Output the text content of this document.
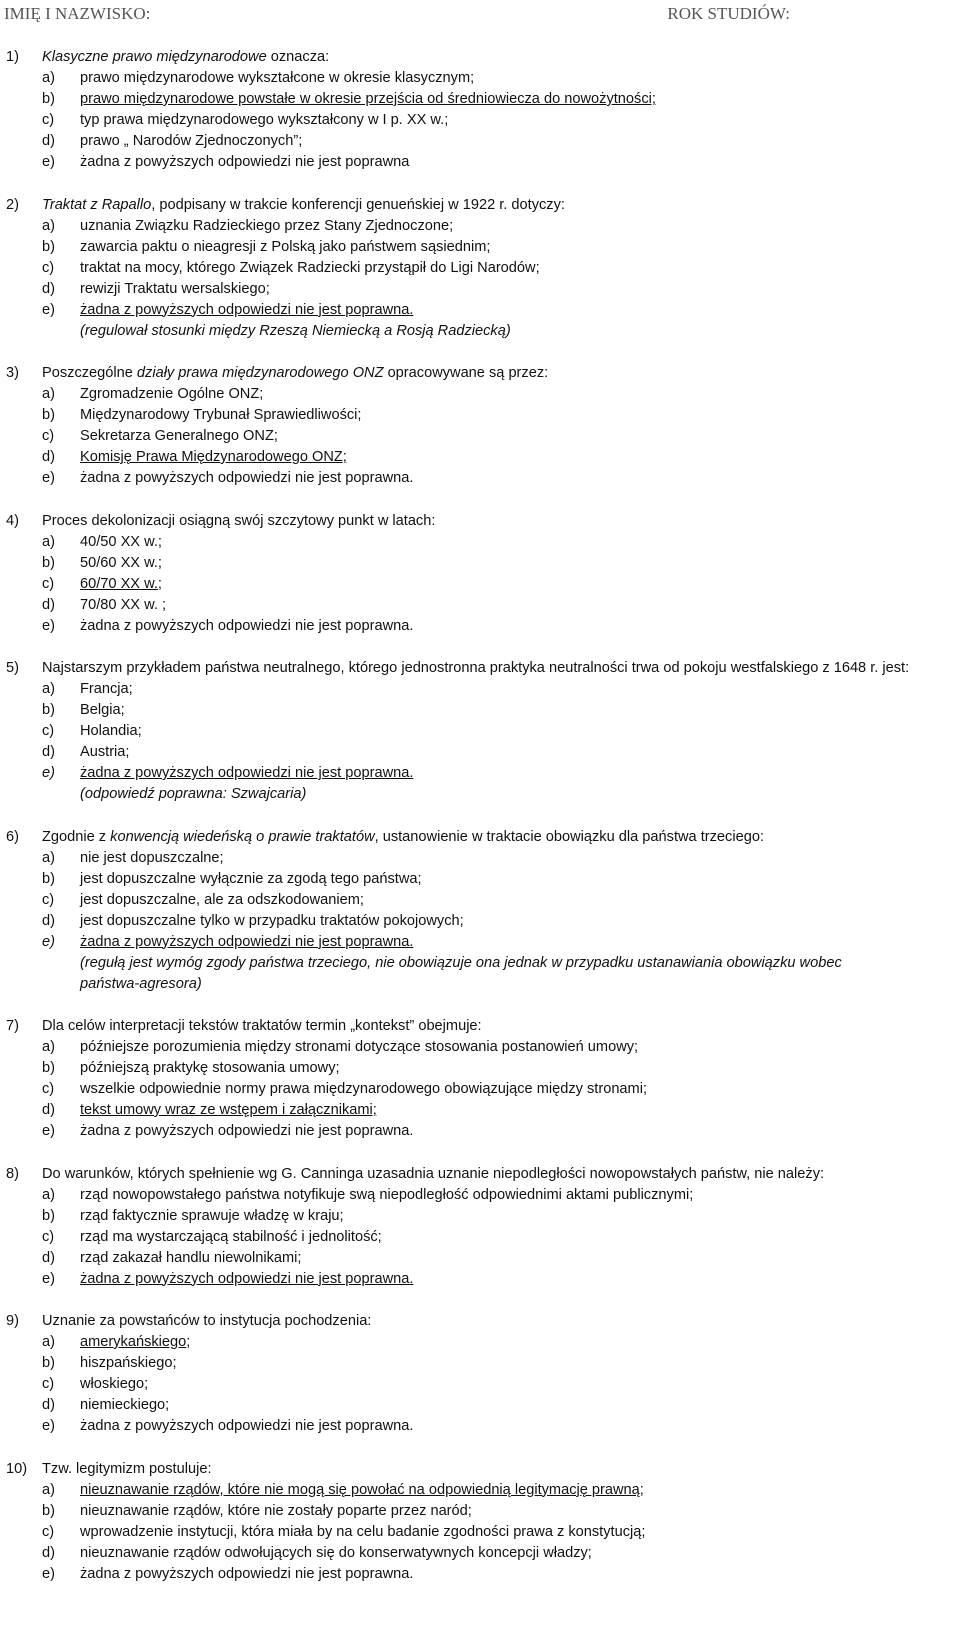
IMIĘ I NAZWISKO:	ROK STUDIÓW:
1) Klasyczne prawo międzynarodowe oznacza:
a) prawo międzynarodowe wykształcone w okresie klasycznym;
b) prawo międzynarodowe powstałe w okresie przejścia od średniowiecza do nowożytności;
c) typ prawa międzynarodowego wykształcony w I p. XX w.;
d) prawo „ Narodów Zjednoczonych”;
e) żadna z powyższych odpowiedzi nie jest poprawna
2) Traktat z Rapallo, podpisany w trakcie konferencji genueńskiej w 1922 r. dotyczy:
a) uznania Związku Radzieckiego przez Stany Zjednoczone;
b) zawarcia paktu o nieagresji z Polską jako państwem sąsiednim;
c) traktat na mocy, którego Związek Radziecki przystąpił do Ligi Narodów;
d) rewizji Traktatu wersalskiego;
e) żadna z powyższych odpowiedzi nie jest poprawna.
(regulował stosunki między Rzeszą Niemiecką a Rosją Radziecką)
3) Poszczególne działy prawa międzynarodowego ONZ opracowywane są przez:
a) Zgromadzenie Ogólne ONZ;
b) Międzynarodowy Trybunał Sprawiedliwości;
c) Sekretarza Generalnego ONZ;
d) Komisję Prawa Międzynarodowego ONZ;
e) żadna z powyższych odpowiedzi nie jest poprawna.
4) Proces dekolonizacji osiągną swój szczytowy punkt w latach:
a) 40/50 XX w.;
b) 50/60 XX w.;
c) 60/70 XX w.;
d) 70/80 XX w. ;
e) żadna z powyższych odpowiedzi nie jest poprawna.
5) Najstarszym przykładem państwa neutralnego, którego jednostronna praktyka neutralności trwa od pokoju westfalskiego z 1648 r. jest:
a) Francja;
b) Belgia;
c) Holandia;
d) Austria;
e) żadna z powyższych odpowiedzi nie jest poprawna.
(odpowiedź poprawna: Szwajcaria)
6) Zgodnie z konwencją wiedeńską o prawie traktatów, ustanowienie w traktacie obowiązku dla państwa trzeciego:
a) nie jest dopuszczalne;
b) jest dopuszczalne wyłącznie za zgodą tego państwa;
c) jest dopuszczalne, ale za odszkodowaniem;
d) jest dopuszczalne tylko w przypadku traktatów pokojowych;
e) żadna z powyższych odpowiedzi nie jest poprawna.
(regułą jest wymóg zgody państwa trzeciego, nie obowiązuje ona jednak w przypadku ustanawiania obowiązku wobec
państwa-agresora)
7) Dla celów interpretacji tekstów traktatów termin „kontekst” obejmuje:
a) późniejsze porozumienia między stronami dotyczące stosowania postanowień umowy;
b) późniejszą praktykę stosowania umowy;
c) wszelkie odpowiednie normy prawa międzynarodowego obowiązujące między stronami;
d) tekst umowy wraz ze wstępem i załącznikami;
e) żadna z powyższych odpowiedzi nie jest poprawna.
8) Do warunków, których spełnienie wg G. Canninga uzasadnia uznanie niepodległości nowopowstałych państw, nie należy:
a) rząd nowopowstałego państwa notyfikuje swą niepodległość odpowiednimi aktami publicznymi;
b) rząd faktycznie sprawuje władzę w kraju;
c) rząd ma wystarczającą stabilność i jednolitość;
d) rząd zakazał handlu niewolnikami;
e) żadna z powyższych odpowiedzi nie jest poprawna.
9) Uznanie za powstańców to instytucja pochodzenia:
a) amerykańskiego;
b) hiszpańskiego;
c) włoskiego;
d) niemieckiego;
e) żadna z powyższych odpowiedzi nie jest poprawna.
10) Tzw. legitymizm postuluje:
a) nieuznawanie rządów, które nie mogą się powołać na odpowiednią legitymację prawną;
b) nieuznawanie rządów, które nie zostały poparte przez naród;
c) wprowadzenie instytucji, która miała by na celu badanie zgodności prawa z konstytucją;
d) nieuznawanie rządów odwołujących się do konserwatywnych koncepcji władzy;
e) żadna z powyższych odpowiedzi nie jest poprawna.
